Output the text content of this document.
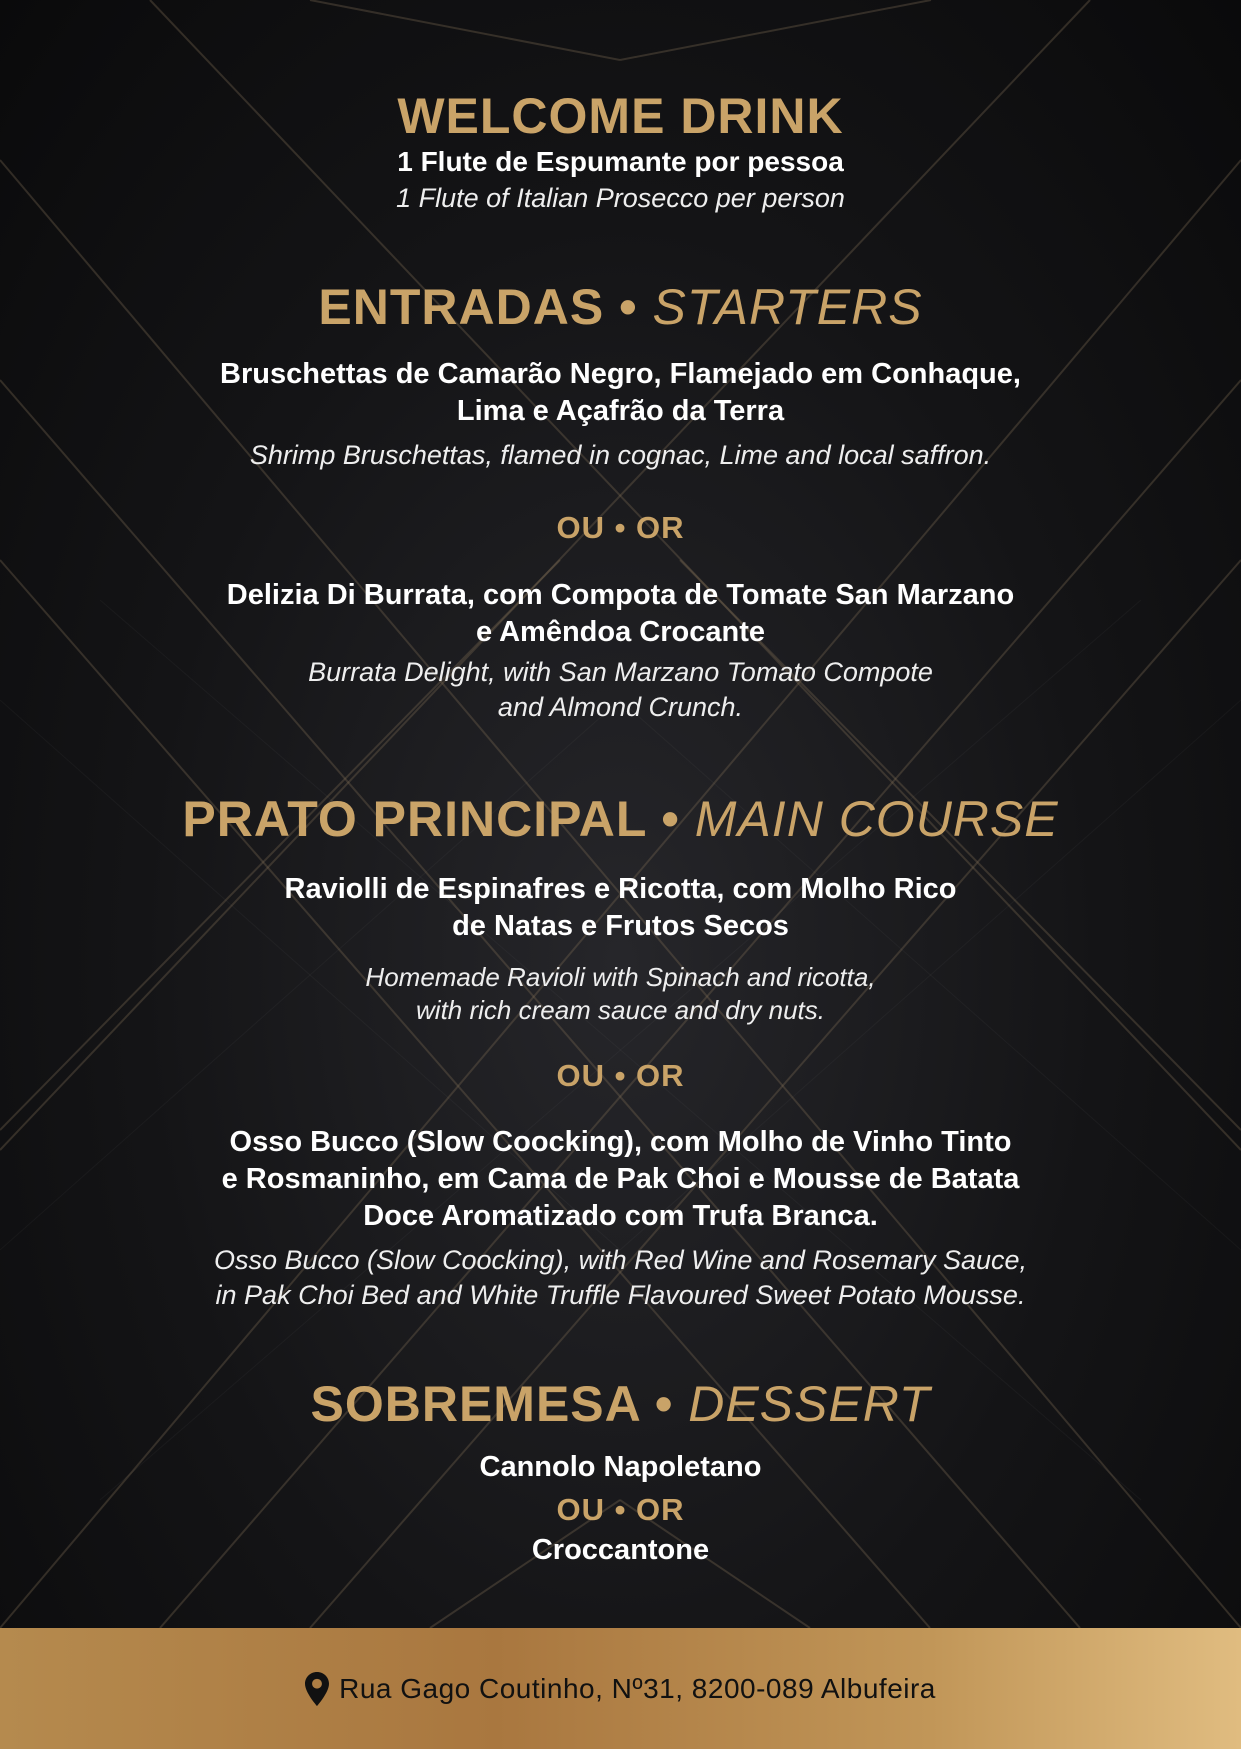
WELCOME DRINK
1 Flute de Espumante por pessoa
1 Flute of Italian Prosecco per person
ENTRADAS • STARTERS
Bruschettas de Camarão Negro, Flamejado em Conhaque,
Lima e Açafrão da Terra
Shrimp Bruschettas, flamed in cognac, Lime and local saffron.
OU • OR
Delizia Di Burrata, com Compota de Tomate San Marzano
e Amêndoa Crocante
Burrata Delight, with San Marzano Tomato Compote
and Almond Crunch.
PRATO PRINCIPAL • MAIN COURSE
Raviolli de Espinafres e Ricotta, com Molho Rico
de Natas e Frutos Secos
Homemade Ravioli with Spinach and ricotta,
with rich cream sauce and dry nuts.
OU • OR
Osso Bucco (Slow Coocking), com Molho de Vinho Tinto
e Rosmaninho, em Cama de Pak Choi e Mousse de Batata
Doce Aromatizado com Trufa Branca.
Osso Bucco (Slow Coocking), with Red Wine and Rosemary Sauce,
in Pak Choi Bed and White Truffle Flavoured Sweet Potato Mousse.
SOBREMESA • DESSERT
Cannolo Napoletano
OU • OR
Croccantone
Rua Gago Coutinho, Nº31, 8200-089 Albufeira
